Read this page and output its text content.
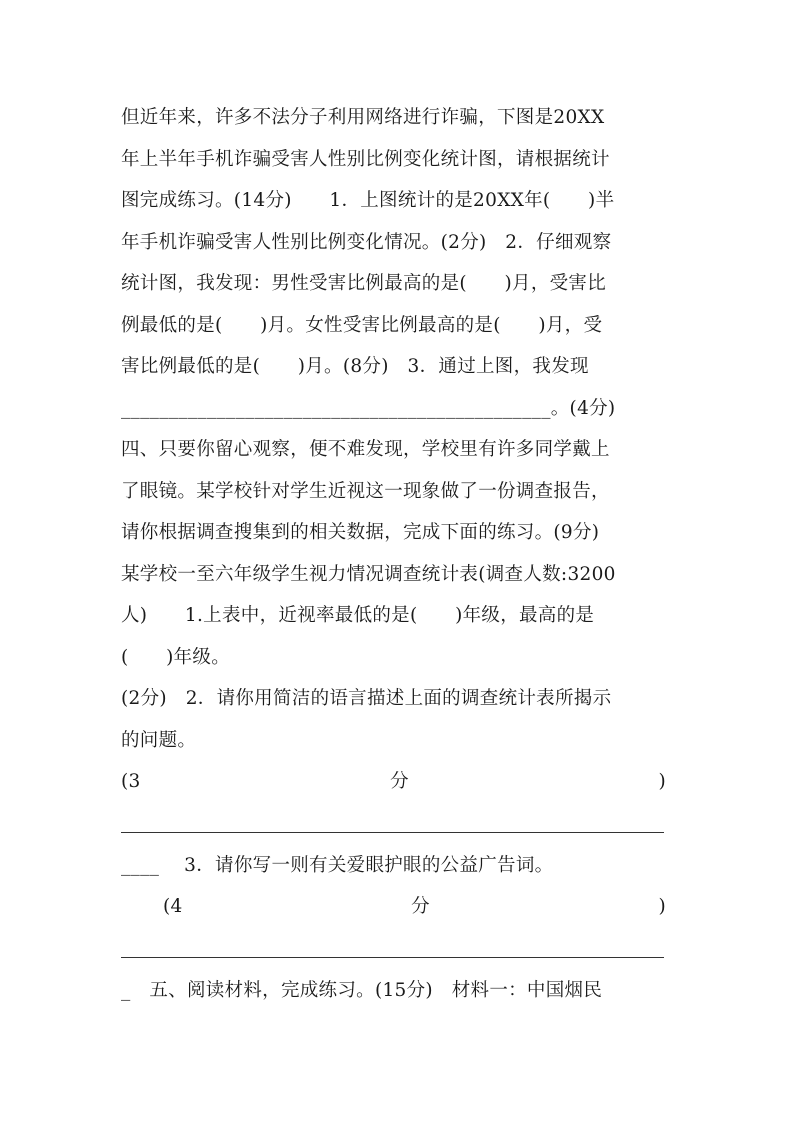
但近年来，许多不法分子利用网络进行诈骗，下图是20XX
年上半年手机诈骗受害人性别比例变化统计图，请根据统计
图完成练习。(14分)　　1．上图统计的是20XX年(　　)半
年手机诈骗受害人性别比例变化情况。(2分)　2．仔细观察
统计图，我发现：男性受害比例最高的是(　　)月，受害比
例最低的是(　　)月。女性受害比例最高的是(　　)月，受
害比例最低的是(　　)月。(8分)　3．通过上图，我发现
_____________________________________________。(4分)
四、只要你留心观察，便不难发现，学校里有许多同学戴上
了眼镜。某学校针对学生近视这一现象做了一份调查报告，
请你根据调查搜集到的相关数据，完成下面的练习。(9分)
某学校一至六年级学生视力情况调查统计表(调查人数:3200
人)　　1.上表中，近视率最低的是(　　)年级，最高的是
(　　)年级。
(2分)　2．请你用简洁的语言描述上面的调查统计表所揭示
的问题。
(3	分	)
____　 3．请你写一则有关爱眼护眼的公益广告词。
(4	分	)
_　五、阅读材料，完成练习。(15分)　材料一：中国烟民
